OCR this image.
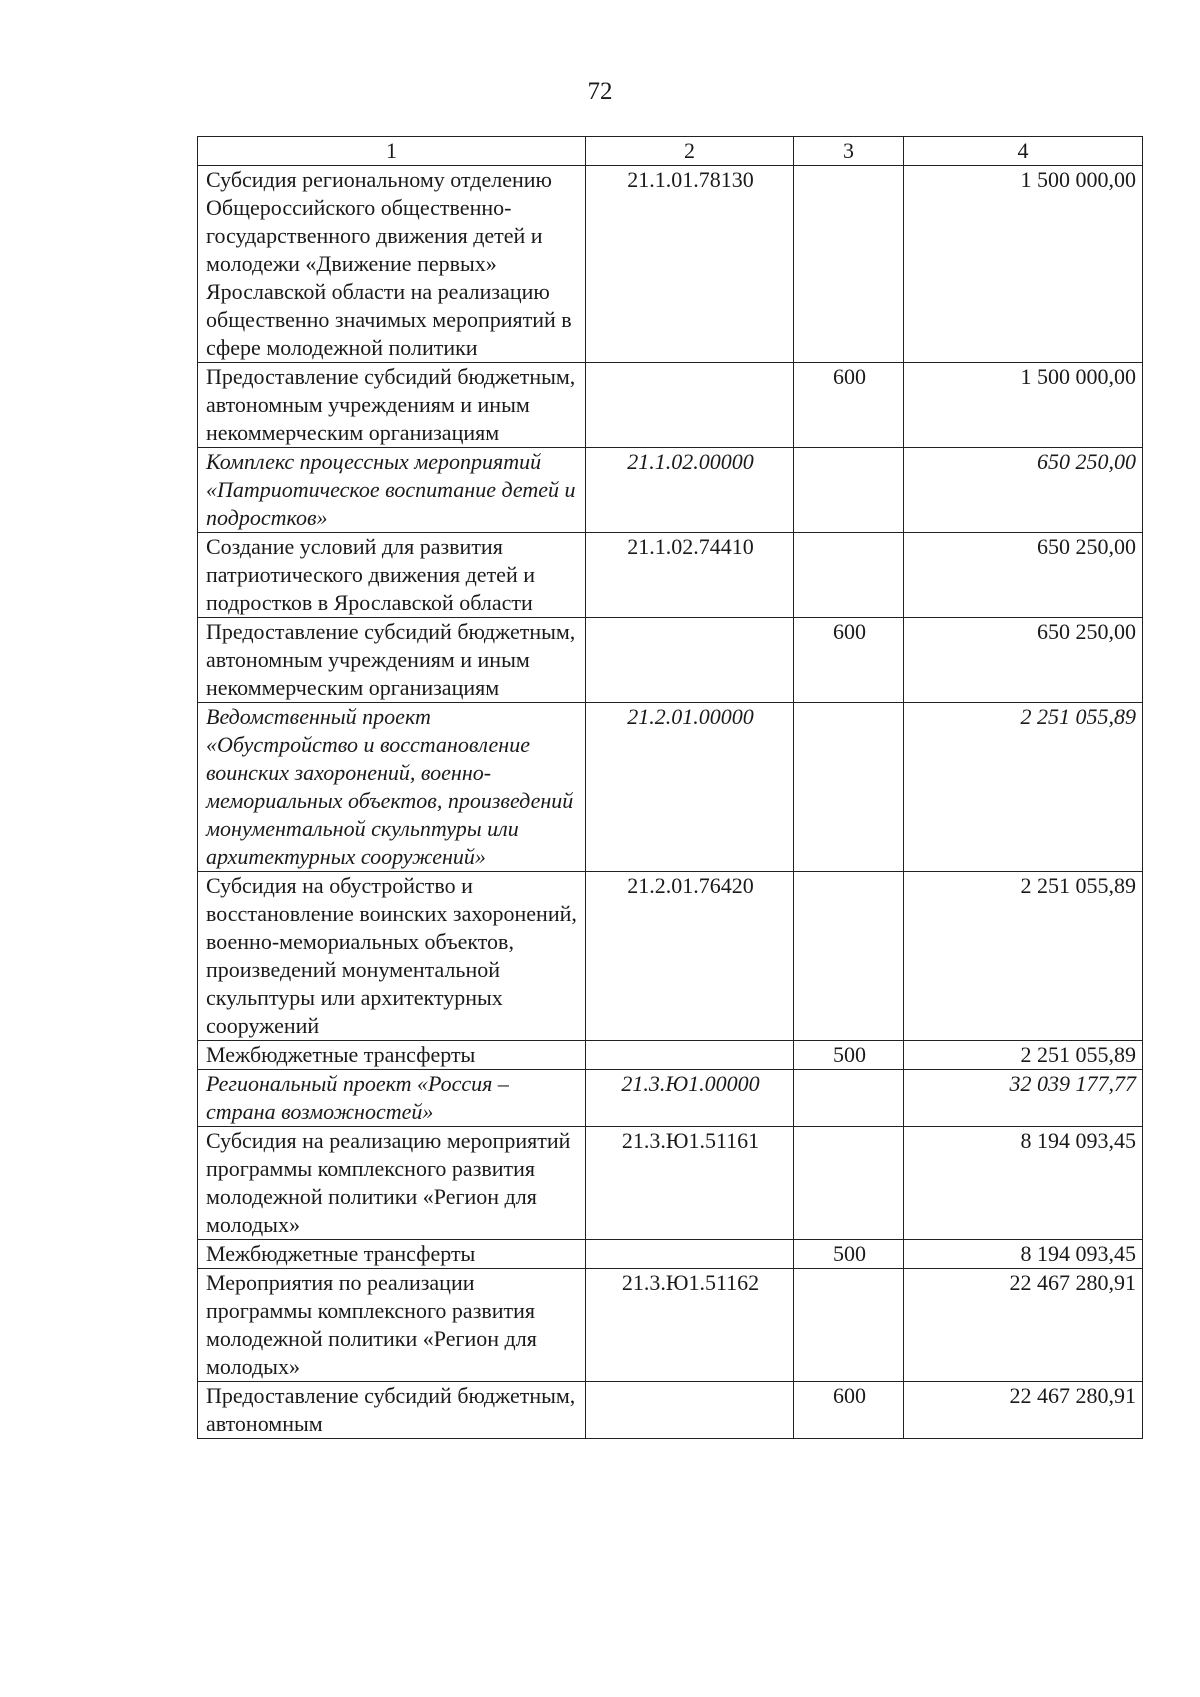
72
1	2	3	4
Субсидия региональному отделению Общероссийского общественно-государственного движения детей и молодежи «Движение первых» Ярославской области на реализацию общественно значимых мероприятий в сфере молодежной политики	21.1.01.78130		1 500 000,00
Предоставление субсидий бюджетным, автономным учреждениям и иным некоммерческим организациям		600	1 500 000,00
Комплекс процессных мероприятий «Патриотическое воспитание детей и подростков»	21.1.02.00000		650 250,00
Создание условий для развития патриотического движения детей и подростков в Ярославской области	21.1.02.74410		650 250,00
Предоставление субсидий бюджетным, автономным учреждениям и иным некоммерческим организациям		600	650 250,00
Ведомственный проект «Обустройство и восстановление воинских захоронений, военно-мемориальных объектов, произведений монументальной скульптуры или архитектурных сооружений»	21.2.01.00000		2 251 055,89
Субсидия на обустройство и восстановление воинских захоронений, военно-мемориальных объектов, произведений монументальной скульптуры или архитектурных сооружений	21.2.01.76420		2 251 055,89
Межбюджетные трансферты		500	2 251 055,89
Региональный проект «Россия – страна возможностей»	21.3.Ю1.00000		32 039 177,77
Субсидия на реализацию мероприятий программы комплексного развития молодежной политики «Регион для молодых»	21.3.Ю1.51161		8 194 093,45
Межбюджетные трансферты		500	8 194 093,45
Мероприятия по реализации программы комплексного развития молодежной политики «Регион для молодых»	21.3.Ю1.51162		22 467 280,91
Предоставление субсидий бюджетным, автономным		600	22 467 280,91
